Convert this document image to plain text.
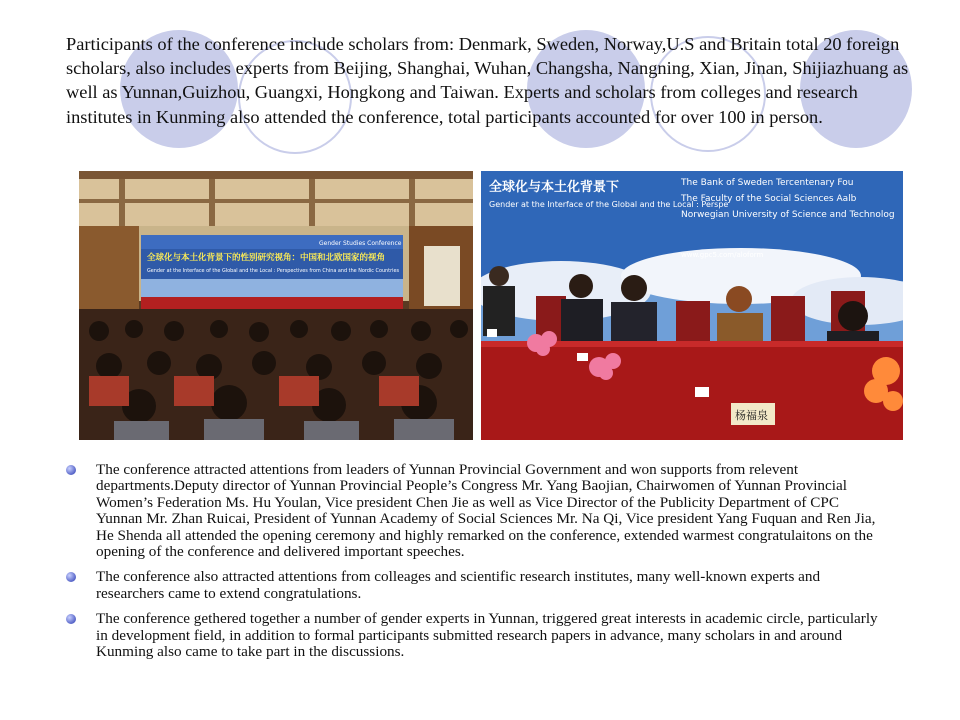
Participants of the conference include scholars from: Denmark, Sweden, Norway,U.S and Britain total 20 foreign scholars, also includes experts from Beijing, Shanghai, Wuhan, Changsha, Nangning, Xian, Jinan, Shijiazhuang as well as Yunnan,Guizhou, Guangxi, Hongkong and Taiwan. Experts and scholars from colleges and research institutes in Kunming also attended the conference, total participants accounted for over 100 in person.

全球化与本土化背景下的性别研究视角：中国和北欧国家的视角
Gender at the Interface of the Global and the Local : Perspectives from China and the Nordic Countries
Gender Studies Conference
全球化与本土化背景下
Gender at the Interface of the Global and the Local : Perspe
The Bank of Sweden Tercentenary Fou
The Faculty of the Social Sciences Aalb
Norwegian University of Science and Technolog
www.gpc5.com/aloform
杨福泉
The conference attracted attentions from leaders of Yunnan Provincial Government and won supports from relevent departments.Deputy director of Yunnan Provincial People’s Congress Mr. Yang Baojian, Chairwomen of Yunnan Provincial Women’s Federation Ms. Hu Youlan, Vice president Chen Jie as well as Vice Director of the Publicity Department of CPC Yunnan Mr. Zhan Ruicai, President of Yunnan Academy of Social Sciences Mr. Na Qi, Vice president Yang Fuquan and Ren Jia, He Shenda all attended the opening ceremony and highly remarked on the conference, extended warmest congratulaitons on the opening of the conference and delivered important speeches.
The conference also attracted attentions from colleages and scientific research institutes, many well-known experts and researchers came to extend congratulations.
The conference gethered together a number of gender experts in Yunnan, triggered great interests in academic circle, particularly in development field, in addition to formal participants submitted research papers in advance, many scholars in and around Kunming also came to take part in the discussions.
